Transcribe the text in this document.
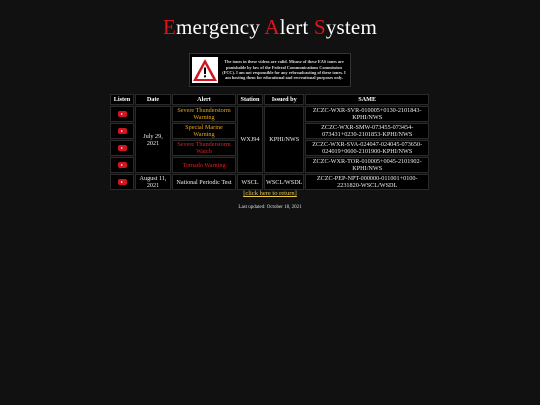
Emergency Alert System
The tones in these videos are valid. Misuse of these EAS tones are punishable by law of the Federal Communications Commission (FCC). I am not responsible for any rebroadcasting of these tones. I am hosting them for educational and recreational purposes only.
Listen	Date	Alert	Station	Issued by	SAME
	July 29, 2021	Severe Thunderstorm Warning	WXJ94	KPHI/NWS	ZCZC-WXR-SVR-010005+0130-2101843-KPHI/NWS
		Special Marine Warning			ZCZC-WXR-SMW-073455-073454-073431+0230-2101853-KPHI/NWS
		Severe Thunderstorm Watch			ZCZC-WXR-SVA-024047-024045-073650-024019+0600-2101900-KPHI/NWS
		Tornado Warning			ZCZC-WXR-TOR-010005+0045-2101902-KPHI/NWS
	August 11, 2021	National Periodic Test	WSCL	WSCL/WSDL	ZCZC-PEP-NPT-000000-011001+0100-2231820-WSCL/WSDL
[click here to return]
Last updated: October 18, 2021
